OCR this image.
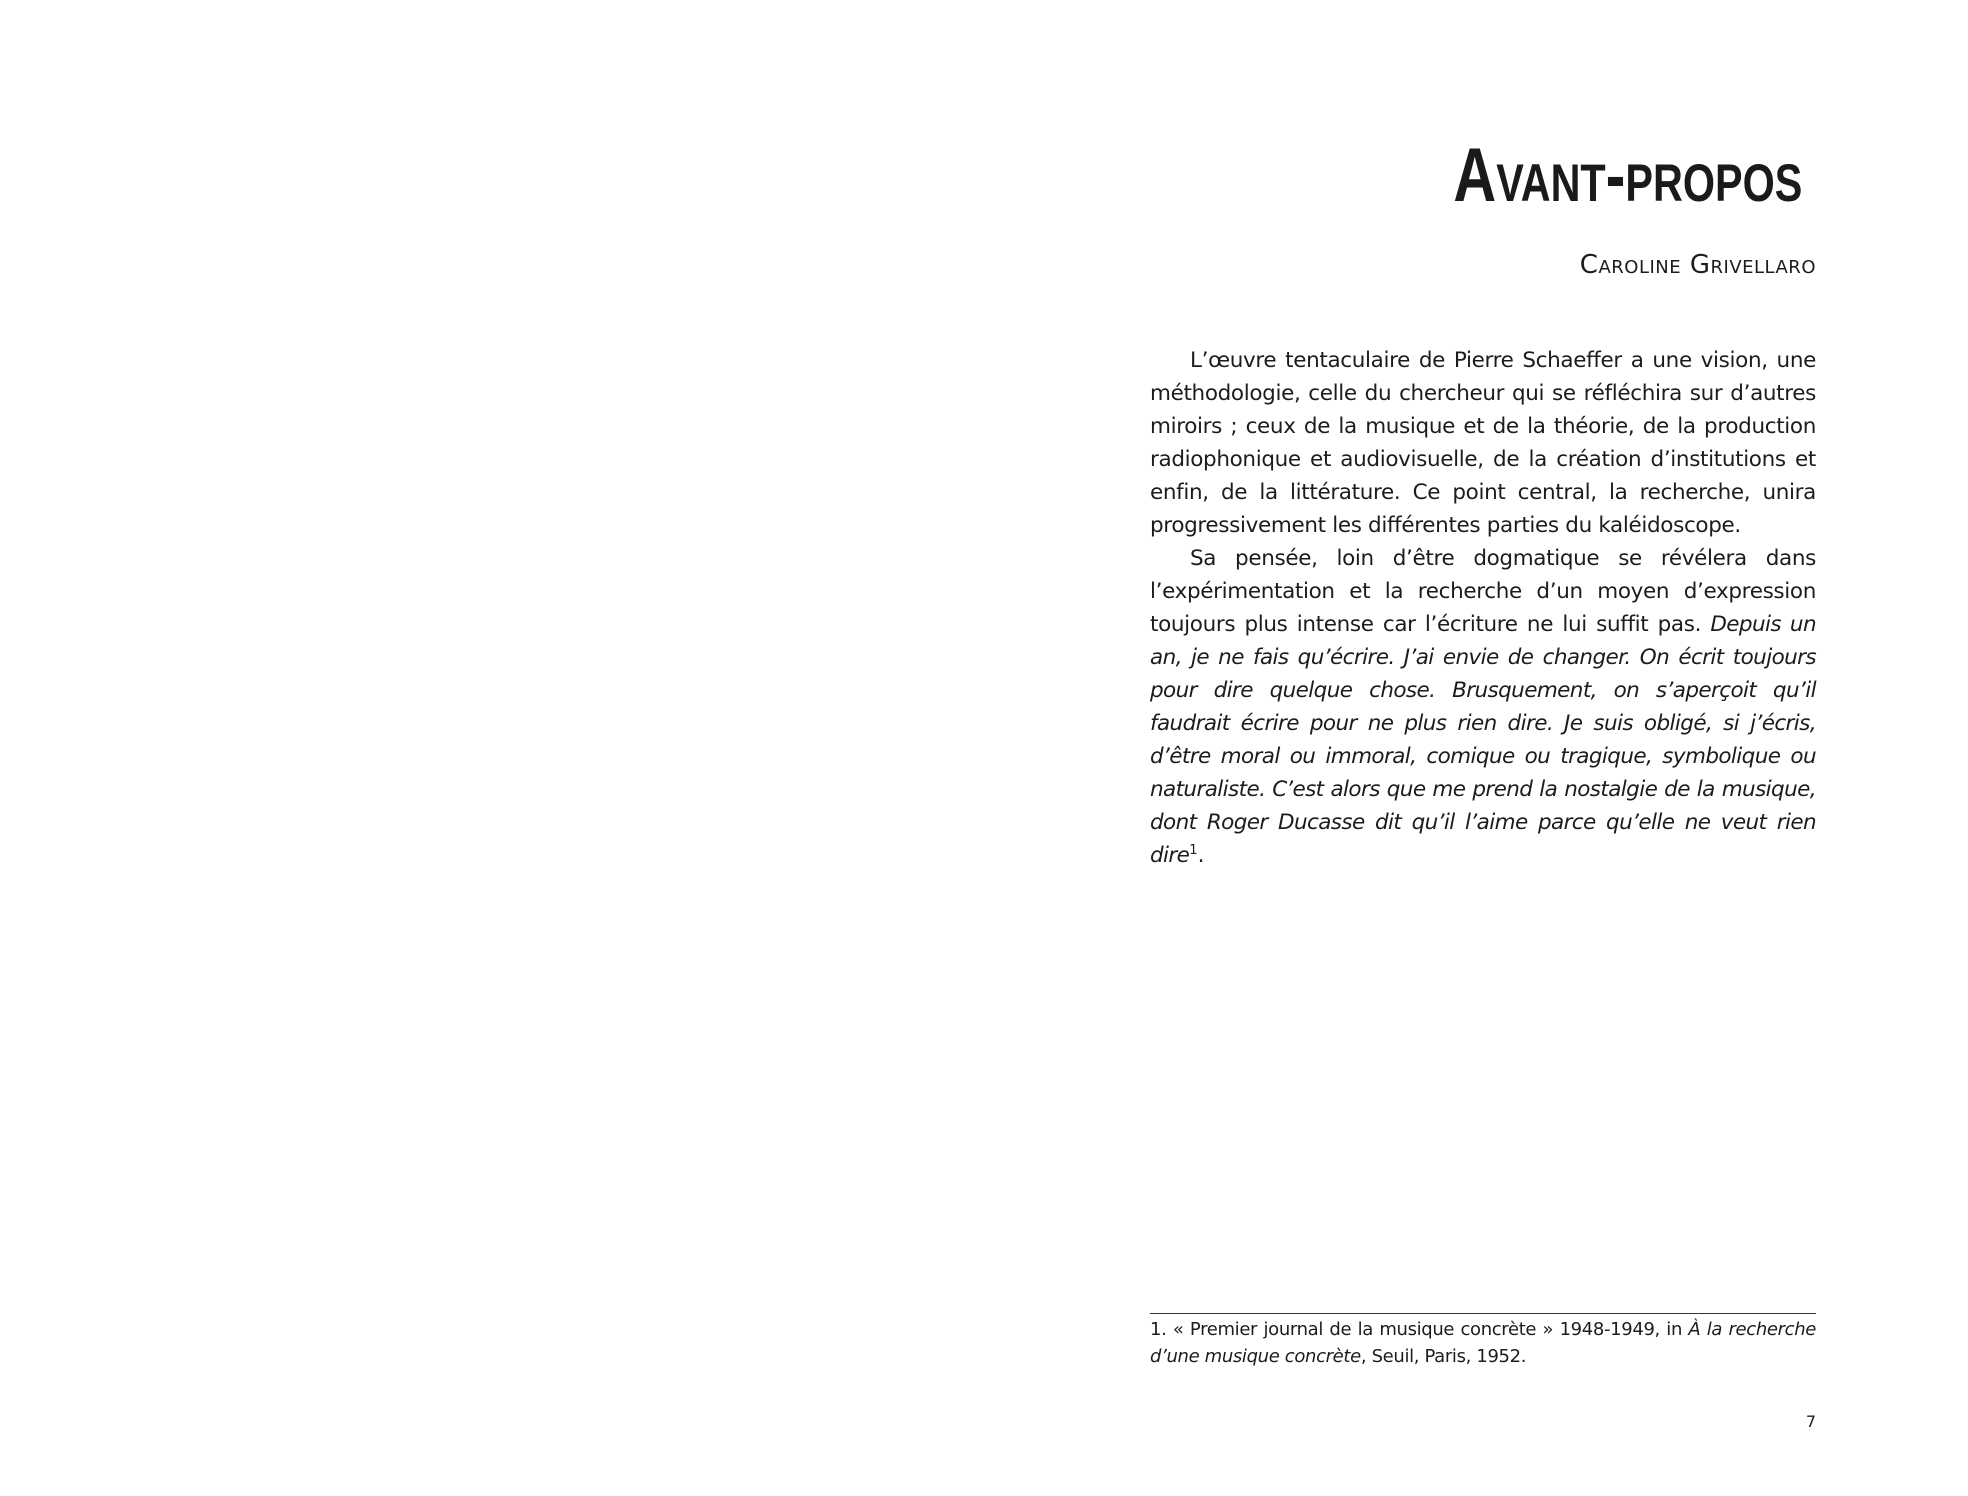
Avant-propos
Caroline Grivellaro

L’œuvre tentaculaire de Pierre Schaeffer a une vision, une méthodologie, celle du chercheur qui se réfléchira sur d’autres miroirs ; ceux de la musique et de la théorie, de la production radiophonique et audiovisuelle, de la création d’institutions et enfin, de la littérature. Ce point central, la recherche, unira progressivement les différentes parties du kaléidoscope.

Sa pensée, loin d’être dogmatique se révélera dans l’expérimentation et la recherche d’un moyen d’expression toujours plus intense car l’écriture ne lui suffit pas. Depuis un an, je ne fais qu’écrire. J’ai envie de changer. On écrit toujours pour dire quelque chose. Brusquement, on s’aperçoit qu’il faudrait écrire pour ne plus rien dire. Je suis obligé, si j’écris, d’être moral ou immoral, comique ou tragique, symbolique ou naturaliste. C’est alors que me prend la nostalgie de la musique, dont Roger Ducasse dit qu’il l’aime parce qu’elle ne veut rien dire$^1$.

1. « Premier journal de la musique concrète » 1948-1949, in À la recherche d’une musique concrète, Seuil, Paris, 1952.
7
